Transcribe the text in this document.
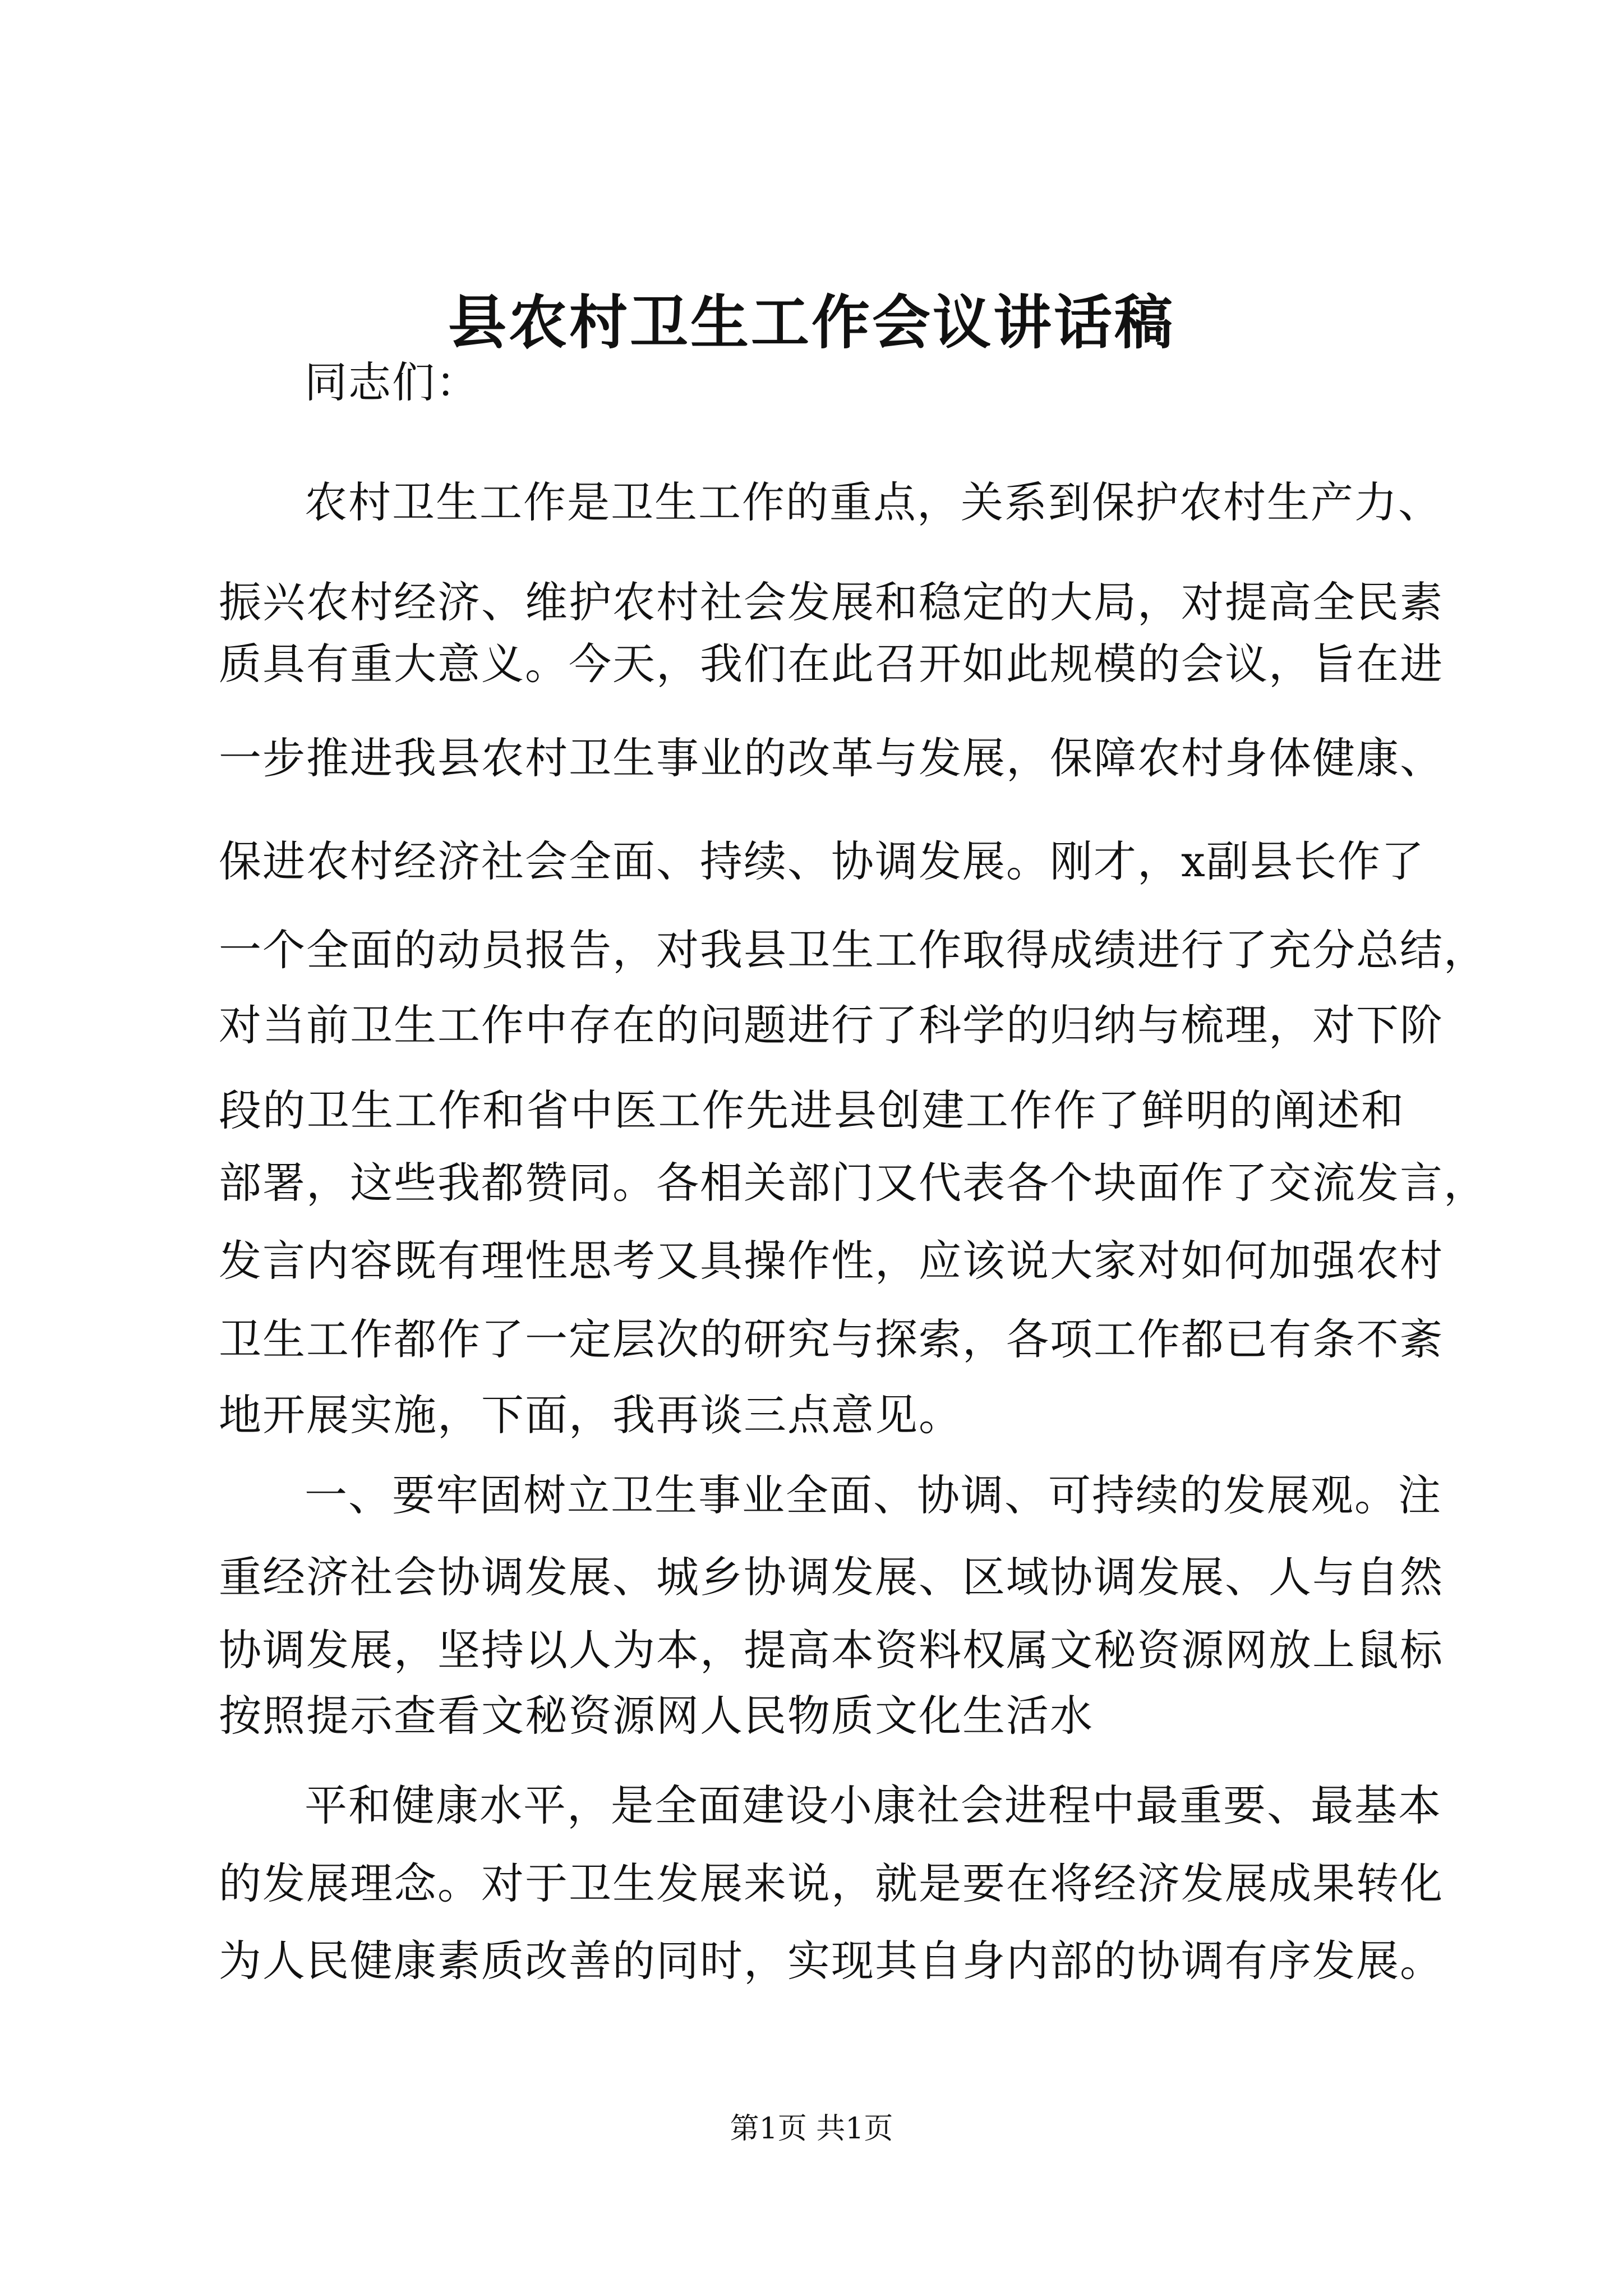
县农村卫生工作会议讲话稿

同志们：

农村卫生工作是卫生工作的重点，关系到保护农村生产力、

振兴农村经济、维护农村社会发展和稳定的大局，对提高全民素

质具有重大意义。今天，我们在此召开如此规模的会议，旨在进

一步推进我县农村卫生事业的改革与发展，保障农村身体健康、

保进农村经济社会全面、持续、协调发展。刚才，x副县长作了

一个全面的动员报告，对我县卫生工作取得成绩进行了充分总结，

对当前卫生工作中存在的问题进行了科学的归纳与梳理，对下阶

段的卫生工作和省中医工作先进县创建工作作了鲜明的阐述和

部署，这些我都赞同。各相关部门又代表各个块面作了交流发言，

发言内容既有理性思考又具操作性，应该说大家对如何加强农村

卫生工作都作了一定层次的研究与探索，各项工作都已有条不紊

地开展实施，下面，我再谈三点意见。

一、要牢固树立卫生事业全面、协调、可持续的发展观。注

重经济社会协调发展、城乡协调发展、区域协调发展、人与自然

协调发展，坚持以人为本，提高本资料权属文秘资源网放上鼠标

按照提示查看文秘资源网人民物质文化生活水

平和健康水平，是全面建设小康社会进程中最重要、最基本

的发展理念。对于卫生发展来说，就是要在将经济发展成果转化

为人民健康素质改善的同时，实现其自身内部的协调有序发展。

第1页 共1页
